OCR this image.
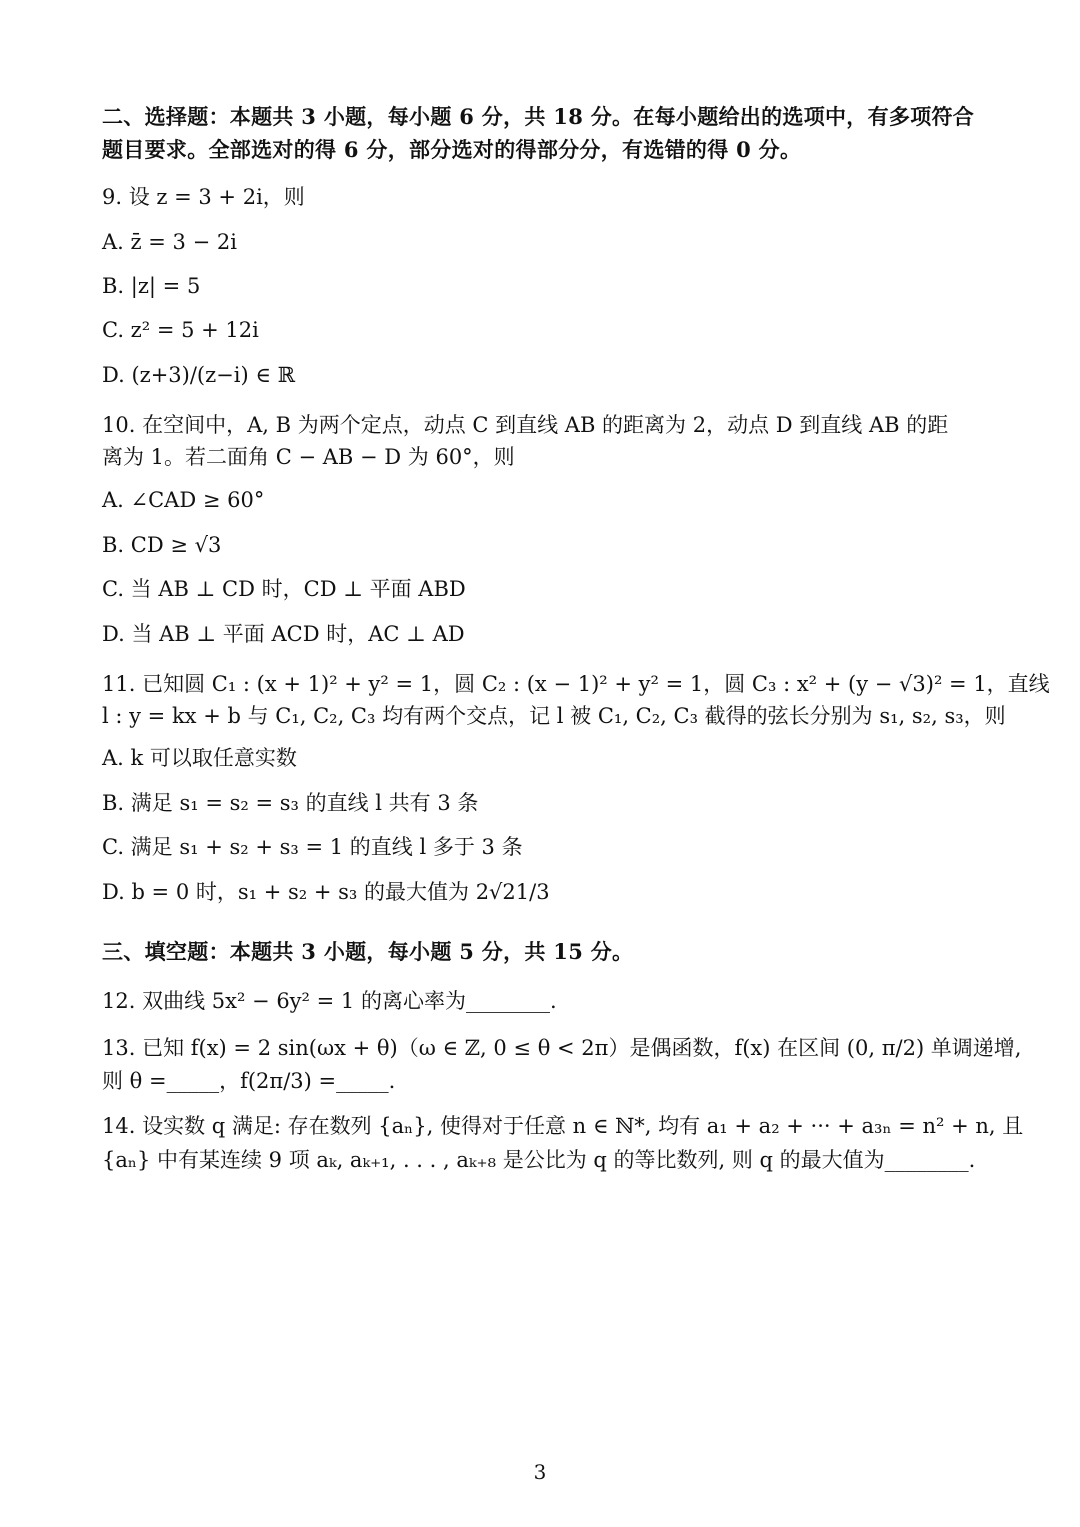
二、选择题：本题共 3 小题，每小题 6 分，共 18 分。在每小题给出的选项中，有多项符合
题目要求。全部选对的得 6 分，部分选对的得部分分，有选错的得 0 分。
9. 设 z = 3 + 2i，则
A. z̄ = 3 − 2i
B. |z| = 5
C. z² = 5 + 12i
D. (z+3)/(z−i) ∈ ℝ
10. 在空间中，A, B 为两个定点，动点 C 到直线 AB 的距离为 2，动点 D 到直线 AB 的距
离为 1。若二面角 C − AB − D 为 60°，则
A. ∠CAD ≥ 60°
B. CD ≥ √3
C. 当 AB ⊥ CD 时，CD ⊥ 平面 ABD
D. 当 AB ⊥ 平面 ACD 时，AC ⊥ AD
11. 已知圆 C₁ : (x + 1)² + y² = 1，圆 C₂ : (x − 1)² + y² = 1，圆 C₃ : x² + (y − √3)² = 1，直线
l : y = kx + b 与 C₁, C₂, C₃ 均有两个交点，记 l 被 C₁, C₂, C₃ 截得的弦长分别为 s₁, s₂, s₃，则
A. k 可以取任意实数
B. 满足 s₁ = s₂ = s₃ 的直线 l 共有 3 条
C. 满足 s₁ + s₂ + s₃ = 1 的直线 l 多于 3 条
D. b = 0 时，s₁ + s₂ + s₃ 的最大值为 2√21/3
三、填空题：本题共 3 小题，每小题 5 分，共 15 分。
12. 双曲线 5x² − 6y² = 1 的离心率为________.
13. 已知 f(x) = 2 sin(ωx + θ)（ω ∈ ℤ, 0 ≤ θ < 2π）是偶函数，f(x) 在区间 (0, π/2) 单调递增,
则 θ =_____，f(2π/3) =_____.
14. 设实数 q 满足: 存在数列 {aₙ}, 使得对于任意 n ∈ ℕ*, 均有 a₁ + a₂ + ··· + a₃ₙ = n² + n, 且
{aₙ} 中有某连续 9 项 aₖ, aₖ₊₁, . . . , aₖ₊₈ 是公比为 q 的等比数列, 则 q 的最大值为________.
3
